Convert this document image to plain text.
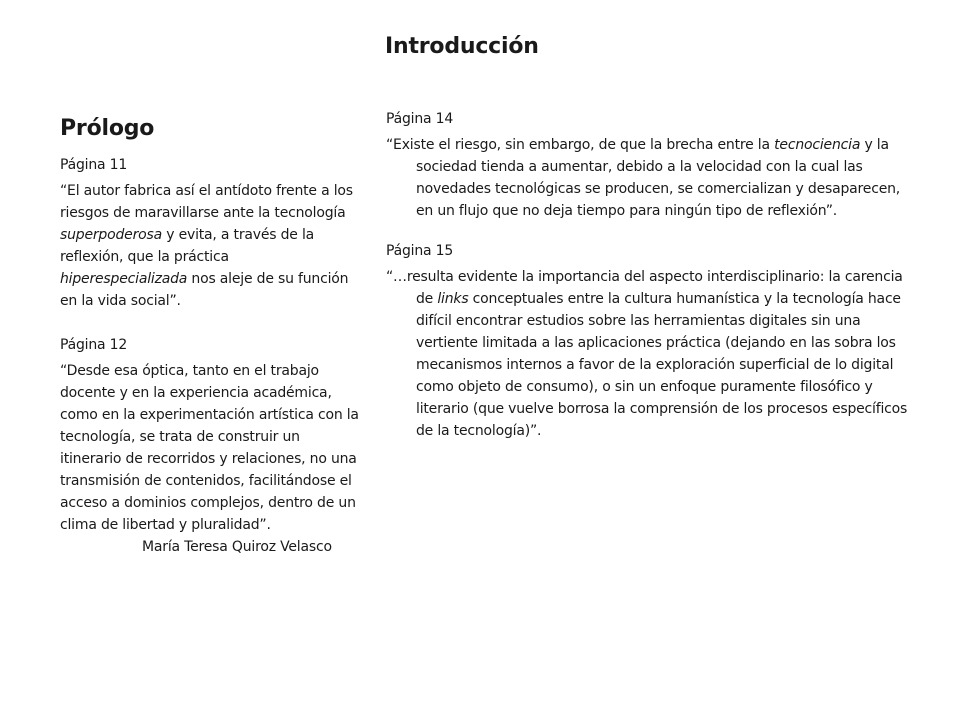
Introducción
Prólogo

Página 11

“El autor fabrica así el antídoto frente a los riesgos de maravillarse ante la tecnología superpoderosa y evita, a través de la reflexión, que la práctica hiperespecializada nos aleje de su función en la vida social”.

Página 12

“Desde esa óptica, tanto en el trabajo docente y en la experiencia académica, como en la experimentación artística con la tecnología, se trata de construir un itinerario de recorridos y relaciones, no una transmisión de contenidos, facilitándose el acceso a dominios complejos, dentro de un clima de libertad y pluralidad”.

María Teresa Quiroz Velasco

Página 14

“Existe el riesgo, sin embargo, de que la brecha entre la tecnociencia y la sociedad tienda a aumentar, debido a la velocidad con la cual las novedades tecnológicas se producen, se comercializan y desaparecen, en un flujo que no deja tiempo para ningún tipo de reflexión”.

Página 15

“…resulta evidente la importancia del aspecto interdisciplinario: la carencia de links conceptuales entre la cultura humanística y la tecnología hace difícil encontrar estudios sobre las herramientas digitales sin una vertiente limitada a las aplicaciones práctica (dejando en las sobra los mecanismos internos a favor de la exploración superficial de lo digital como objeto de consumo), o sin un enfoque puramente filosófico y literario (que vuelve borrosa la comprensión de los procesos específicos de la tecnología)”.
